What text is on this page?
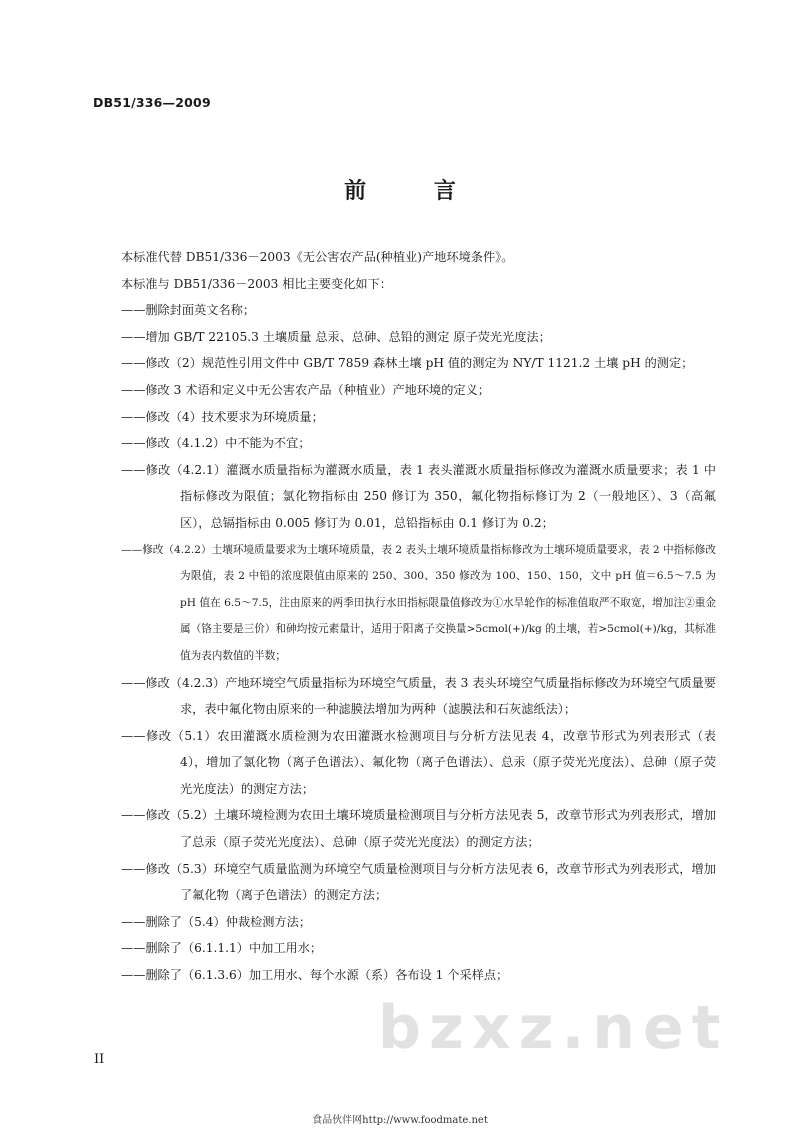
DB51/336—2009
前 言

本标准代替 DB51/336－2003《无公害农产品(种植业)产地环境条件》。

本标准与 DB51/336－2003 相比主要变化如下：

——删除封面英文名称；

——增加 GB/T 22105.3 土壤质量 总汞、总砷、总铅的测定 原子荧光光度法；

——修改（2）规范性引用文件中 GB/T 7859 森林土壤 pH 值的测定为 NY/T 1121.2 土壤 pH 的测定；

——修改 3 术语和定义中无公害农产品（种植业）产地环境的定义；

——修改（4）技术要求为环境质量；

——修改（4.1.2）中不能为不宜；

——修改（4.2.1）灌溉水质量指标为灌溉水质量，表 1 表头灌溉水质量指标修改为灌溉水质量要求；表 1 中指标修改为限值；氯化物指标由 250 修订为 350，氟化物指标修订为 2（一般地区）、3（高氟区），总镉指标由 0.005 修订为 0.01，总铅指标由 0.1 修订为 0.2；

——修改（4.2.2）土壤环境质量要求为土壤环境质量，表 2 表头土壤环境质量指标修改为土壤环境质量要求，表 2 中指标修改为限值，表 2 中铅的浓度限值由原来的 250、300、350 修改为 100、150、150，文中 pH 值＝6.5～7.5 为 pH 值在 6.5～7.5，注由原来的两季田执行水田指标限量值修改为①水旱轮作的标准值取严不取宽，增加注②重金属（铬主要是三价）和砷均按元素量计，适用于阳离子交换量>5cmol(+)/kg 的土壤，若>5cmol(+)/kg，其标准值为表内数值的半数；

——修改（4.2.3）产地环境空气质量指标为环境空气质量，表 3 表头环境空气质量指标修改为环境空气质量要求，表中氟化物由原来的一种滤膜法增加为两种（滤膜法和石灰滤纸法）；

——修改（5.1）农田灌溉水质检测为农田灌溉水检测项目与分析方法见表 4，改章节形式为列表形式（表 4），增加了氯化物（离子色谱法）、氟化物（离子色谱法）、总汞（原子荧光光度法）、总砷（原子荧光光度法）的测定方法；

——修改（5.2）土壤环境检测为农田土壤环境质量检测项目与分析方法见表 5，改章节形式为列表形式，增加了总汞（原子荧光光度法）、总砷（原子荧光光度法）的测定方法；

——修改（5.3）环境空气质量监测为环境空气质量检测项目与分析方法见表 6，改章节形式为列表形式，增加了氟化物（离子色谱法）的测定方法；

——删除了（5.4）仲裁检测方法；

——删除了（6.1.1.1）中加工用水；

——删除了（6.1.3.6）加工用水、每个水源（系）各布设 1 个采样点；

bzxz.net
II
食品伙伴网http://www.foodmate.net
